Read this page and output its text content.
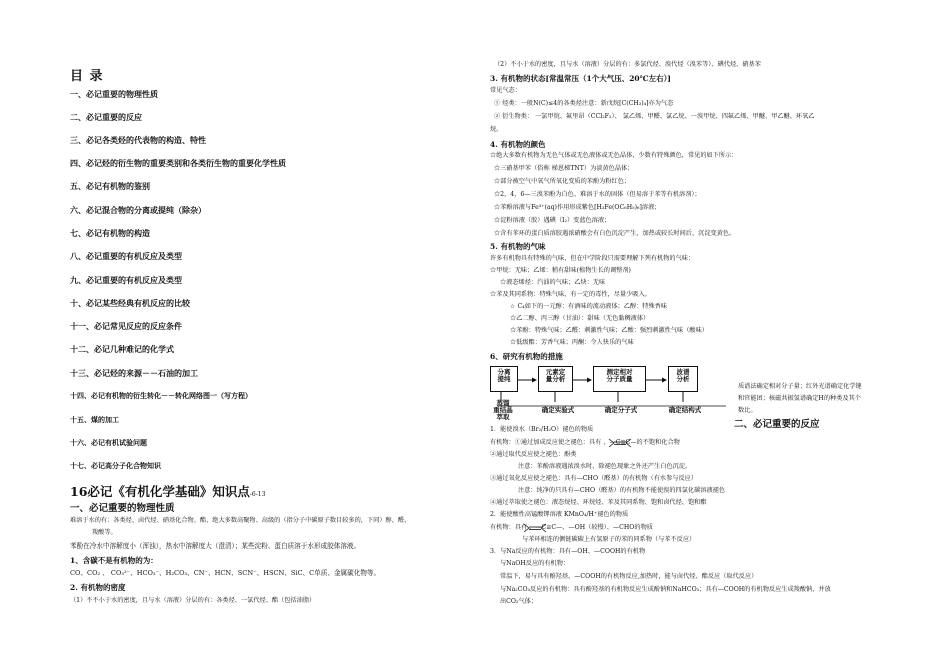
目 录
一、必记重要的物理性质
二、必记重要的反应
三、必记各类烃的代表物的构造、特性
四、必记烃的衍生物的重要类别和各类衍生物的重要化学性质
五、必记有机物的鉴别
六、必记混合物的分离或提纯（除杂）
七、必记有机物的构造
八、必记重要的有机反应及类型
九、必记重要的有机反应及类型
十、必记某些经典有机反应的比较
十一、必记常见反应的反应条件
十二、必记几种难记的化学式
十三、必记烃的来源－－石油的加工
十四、必记有机物的衍生转化－－转化网络图一（写方程）
十五、煤的加工
十六、必记有机试验问题
十七、必记高分子化合物知识
16必记《有机化学基础》知识点-6-13
一、必记重要的物理性质
难溶于水的有：各类烃、卤代烃、硝基化合物、酯、绝大多数高聚物、高级的（指分子中碳原子数目较多的，下同）醇、醛、
羧酸等。
苯酚在冷水中溶解度小（浑浊），热水中溶解度大（澄清）；某些淀粉、蛋白质溶于水形成胶体溶液。
1、含碳不是有机物的为：
CO、CO₂ 、 CO₃²⁻、HCO₃⁻、H₂CO₃、CN⁻、HCN、SCN⁻、HSCN、SiC、C单质、金属碳化物等。
2. 有机物的密度
（1）不不小于水的密度，且与水（溶液）分层的有：各类烃、一氯代烃、酯（包括油脂）
（2）不小于水的密度，且与水（溶液）分层的有：多氯代烃、溴代烃（溴苯等）、碘代烃、硝基苯
3. 有机物的状态[常温常压（1个大气压、20℃左右）]
常见气态：
① 烃类：一般N(C)≤4的各类烃注意：新戊烷[C(CH₃)₄]亦为气态
② 衍生物类： 一氯甲烷、氟里昂（CCl₂F₂）、 氯乙烯、甲醛、氯乙烷、一溴甲烷、四氟乙烯、甲醚、甲乙醚、环氧乙
烷。
4. 有机物的颜色
☆绝大多数有机物为无色气体或无色液体或无色晶体，少数有特殊颜色，常见的如下所示：
☆三硝基甲苯（俗称 梯恩梯TNT）为淡黄色晶体；
☆部分被空气中氧气所氧化变质的苯酚为粉红色；
☆2，4，6—三溴苯酚为白色、难溶于水的固体（但易溶于苯等有机溶剂）；
☆苯酚溶液与Fe³⁺(aq)作用形成紫色[H₃Fe(OC₆H₅)₆]溶液；
☆淀粉溶液（胶）遇碘（I₂）变蓝色溶液；
☆含有苯环的蛋白质溶胶遇浓硝酸会有白色沉淀产生，加热或较长时间后，沉淀变黄色。
5. 有机物的气味
许多有机物具有特殊的气味，但在中学阶段只需要理解下列有机物的气味：
☆甲烷：无味；乙烯：稍有甜味(植物生长的调整剂)
☆液态烯烃：汽油的气味；乙炔：无味
☆苯及其同系物：特殊气味，有一定的毒性，尽量少吸入。
☆ C₄如下的一元醇：有酒味的流动液体；乙醇：特殊香味
☆乙二醇、丙三醇（甘油）：甜味（无色黏稠液体）
☆苯酚：特殊气味；乙醛：刺激性气味；乙酸：强烈刺激性气味（酸味）
☆低级酯：芳香气味；丙酮：令人快乐的气味
6、研究有机物的措施
分离
提纯
元素定
量分析
测定相对
分子质量
波谱
分析
蒸馏
重结晶
萃取
确定实验式	确定分子式	确定结构式
质谱法确定相对分子量；红外光谱确定化学键
和官能团；核磁共振氢谱确定H的种类及其个
数比。
二、必记重要的反应
1．能使溴水（Br₂/H₂O）褪色的物质
有机物：①通过加成反应使之褪色：具有 、—C≡C—的不饱和化合物
②通过取代反应使之褪色：酚类
注意：苯酚溶液遇浓溴水时，除褪色现象之外还产生白色沉淀。
③通过氧化反应使之褪色：具有—CHO（醛基）的有机物（有水参与反应）
注意：纯净的只具有—CHO（醛基）的有机物不能使溴的四氯化碳溶液褪色
④通过萃取使之褪色：液态烷烃、环烷烃、苯及其同系物、饱和卤代烃、饱和酯
2．能使酸性高锰酸钾溶液 KMnO₄/H⁺褪色的物质
有机物：具有 、—C≡C—、—OH（较慢）、—CHO的物质
与苯环相连的侧链碳碳上有氢原子的苯的同系物（与苯不反应）
3．与Na反应的有机物：具有—OH、—COOH的有机物
与NaOH反应的有机物：
常温下，易与具有酚羟基、—COOH的有机物反应,加热时，能与卤代烃、酯反应（取代反应）
与Na₂CO₃反应的有机物：具有酚羟基的有机物反应生成酚钠和NaHCO₃；具有—COOH的有机物反应生成羧酸钠，并放
出CO₂气体；
